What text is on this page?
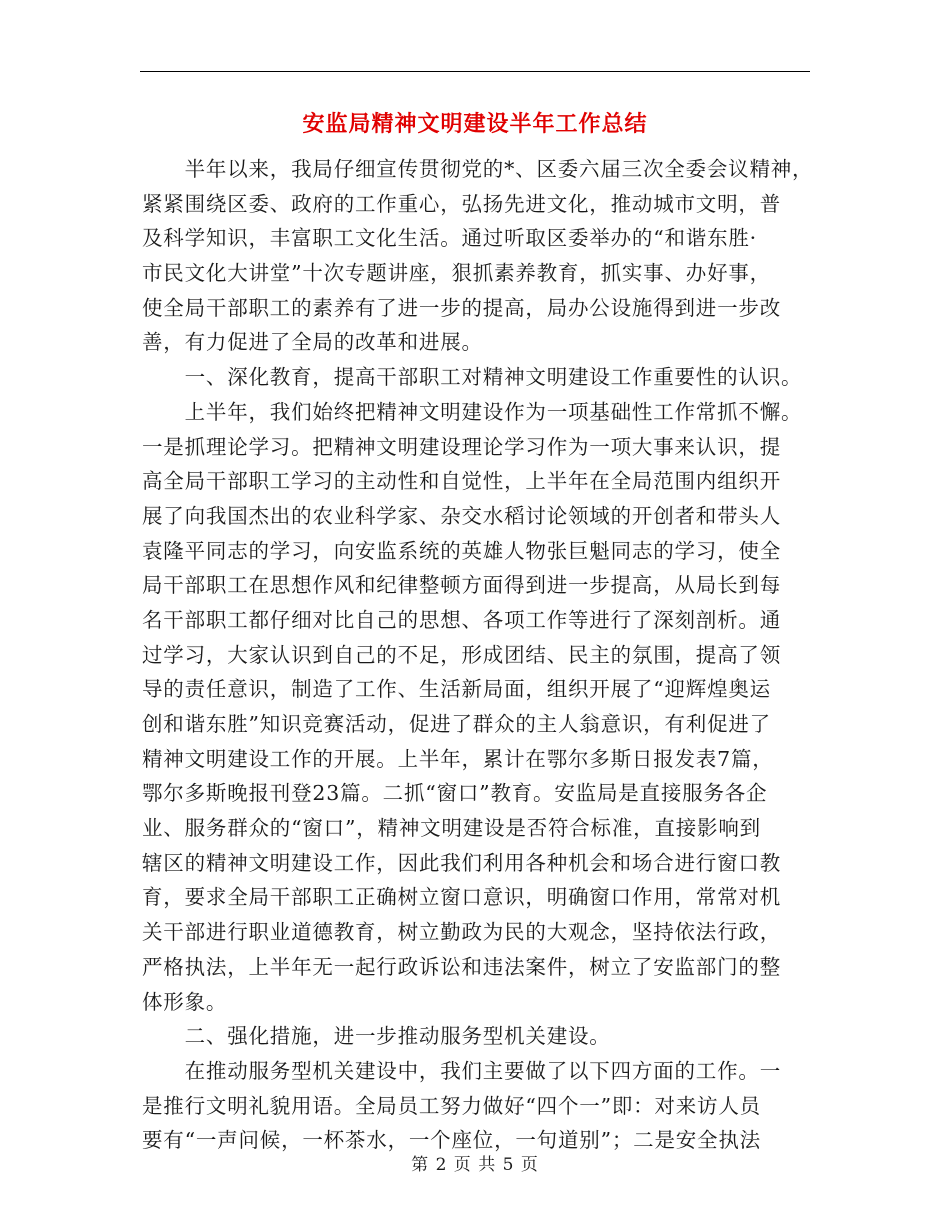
安监局精神文明建设半年工作总结
　　半年以来，我局仔细宣传贯彻党的*、区委六届三次全委会议精神，
紧紧围绕区委、政府的工作重心，弘扬先进文化，推动城市文明，普
及科学知识，丰富职工文化生活。通过听取区委举办的“和谐东胜·
市民文化大讲堂”十次专题讲座，狠抓素养教育，抓实事、办好事，
使全局干部职工的素养有了进一步的提高，局办公设施得到进一步改
善，有力促进了全局的改革和进展。
　　一、深化教育，提高干部职工对精神文明建设工作重要性的认识。
　　上半年，我们始终把精神文明建设作为一项基础性工作常抓不懈。
一是抓理论学习。把精神文明建设理论学习作为一项大事来认识，提
高全局干部职工学习的主动性和自觉性，上半年在全局范围内组织开
展了向我国杰出的农业科学家、杂交水稻讨论领域的开创者和带头人
袁隆平同志的学习，向安监系统的英雄人物张巨魁同志的学习，使全
局干部职工在思想作风和纪律整顿方面得到进一步提高，从局长到每
名干部职工都仔细对比自己的思想、各项工作等进行了深刻剖析。通
过学习，大家认识到自己的不足，形成团结、民主的氛围，提高了领
导的责任意识，制造了工作、生活新局面，组织开展了“迎辉煌奥运
创和谐东胜”知识竞赛活动，促进了群众的主人翁意识，有利促进了
精神文明建设工作的开展。上半年，累计在鄂尔多斯日报发表7篇，
鄂尔多斯晚报刊登23篇。二抓“窗口”教育。安监局是直接服务各企
业、服务群众的“窗口”，精神文明建设是否符合标准，直接影响到
辖区的精神文明建设工作，因此我们利用各种机会和场合进行窗口教
育，要求全局干部职工正确树立窗口意识，明确窗口作用，常常对机
关干部进行职业道德教育，树立勤政为民的大观念，坚持依法行政，
严格执法，上半年无一起行政诉讼和违法案件，树立了安监部门的整
体形象。
　　二、强化措施，进一步推动服务型机关建设。
　　在推动服务型机关建设中，我们主要做了以下四方面的工作。一
是推行文明礼貌用语。全局员工努力做好“四个一”即：对来访人员
要有“一声问候，一杯茶水，一个座位，一句道别”；二是安全执法
第 2 页 共 5 页
